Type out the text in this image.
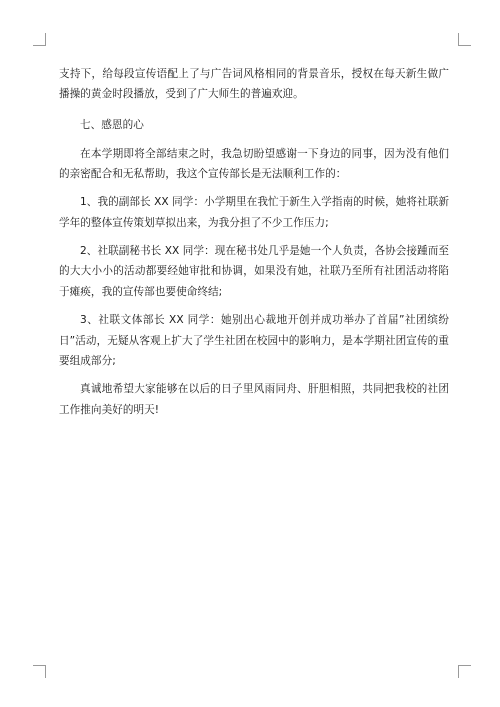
支持下，给每段宣传语配上了与广告词风格相同的背景音乐，授权在每天新生做广播操的黄金时段播放，受到了广大师生的普遍欢迎。

七、感恩的心

在本学期即将全部结束之时，我急切盼望感谢一下身边的同事，因为没有他们的亲密配合和无私帮助，我这个宣传部长是无法顺利工作的：

1、我的副部长 XX 同学：小学期里在我忙于新生入学指南的时候，她将社联新学年的整体宣传策划草拟出来，为我分担了不少工作压力;

2、社联副秘书长 XX 同学：现在秘书处几乎是她一个人负责，各协会接踵而至的大大小小的活动都要经她审批和协调，如果没有她，社联乃至所有社团活动将陷于瘫痪，我的宣传部也要使命终结;

3、社联文体部长 XX 同学：她别出心裁地开创并成功举办了首届”社团缤纷日”活动，无疑从客观上扩大了学生社团在校园中的影响力，是本学期社团宣传的重要组成部分;

真诚地希望大家能够在以后的日子里风雨同舟、肝胆相照，共同把我校的社团工作推向美好的明天!
